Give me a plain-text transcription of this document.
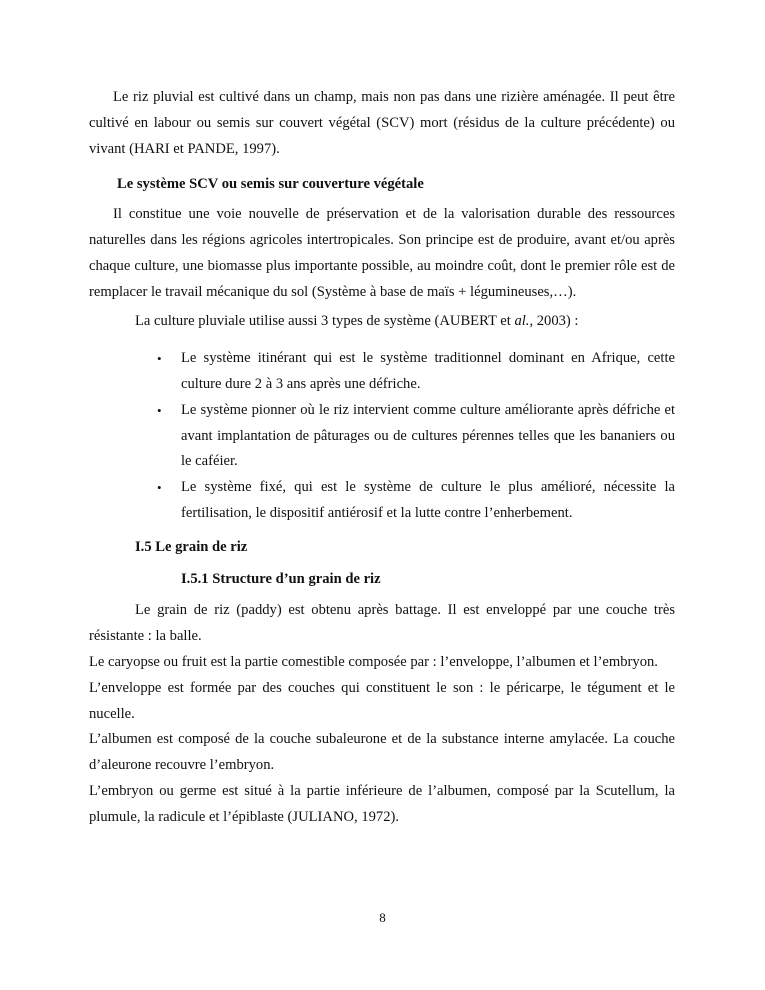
Le riz pluvial est cultivé dans un champ, mais non pas dans une rizière aménagée. Il peut être cultivé en labour ou semis sur couvert végétal (SCV) mort (résidus de la culture précédente) ou vivant (HARI et PANDE, 1997).

Le système SCV ou semis sur couverture végétale

Il constitue une voie nouvelle de préservation et de la valorisation durable des ressources naturelles dans les régions agricoles intertropicales. Son principe est de produire, avant et/ou après chaque culture, une biomasse plus importante possible, au moindre coût, dont le premier rôle est de remplacer le travail mécanique du sol (Système à base de maïs + légumineuses,…).

La culture pluviale utilise aussi 3 types de système (AUBERT et al., 2003) :

• Le système itinérant qui est le système traditionnel dominant en Afrique, cette culture dure 2 à 3 ans après une défriche.
• Le système pionner où le riz intervient comme culture améliorante après défriche et avant implantation de pâturages ou de cultures pérennes telles que les bananiers ou le caféier.
• Le système fixé, qui est le système de culture le plus amélioré, nécessite la fertilisation, le dispositif antiérosif et la lutte contre l’enherbement.
I.5 Le grain de riz
I.5.1 Structure d’un grain de riz

Le grain de riz (paddy) est obtenu après battage. Il est enveloppé par une couche très résistante : la balle.

Le caryopse ou fruit est la partie comestible composée par : l’enveloppe, l’albumen et l’embryon.

L’enveloppe est formée par des couches qui constituent le son : le péricarpe, le tégument et le nucelle.

L’albumen est composé de la couche subaleurone et de la substance interne amylacée. La couche d’aleurone recouvre l’embryon.

L’embryon ou germe est situé à la partie inférieure de l’albumen, composé par la Scutellum, la plumule, la radicule et l’épiblaste (JULIANO, 1972).

8
